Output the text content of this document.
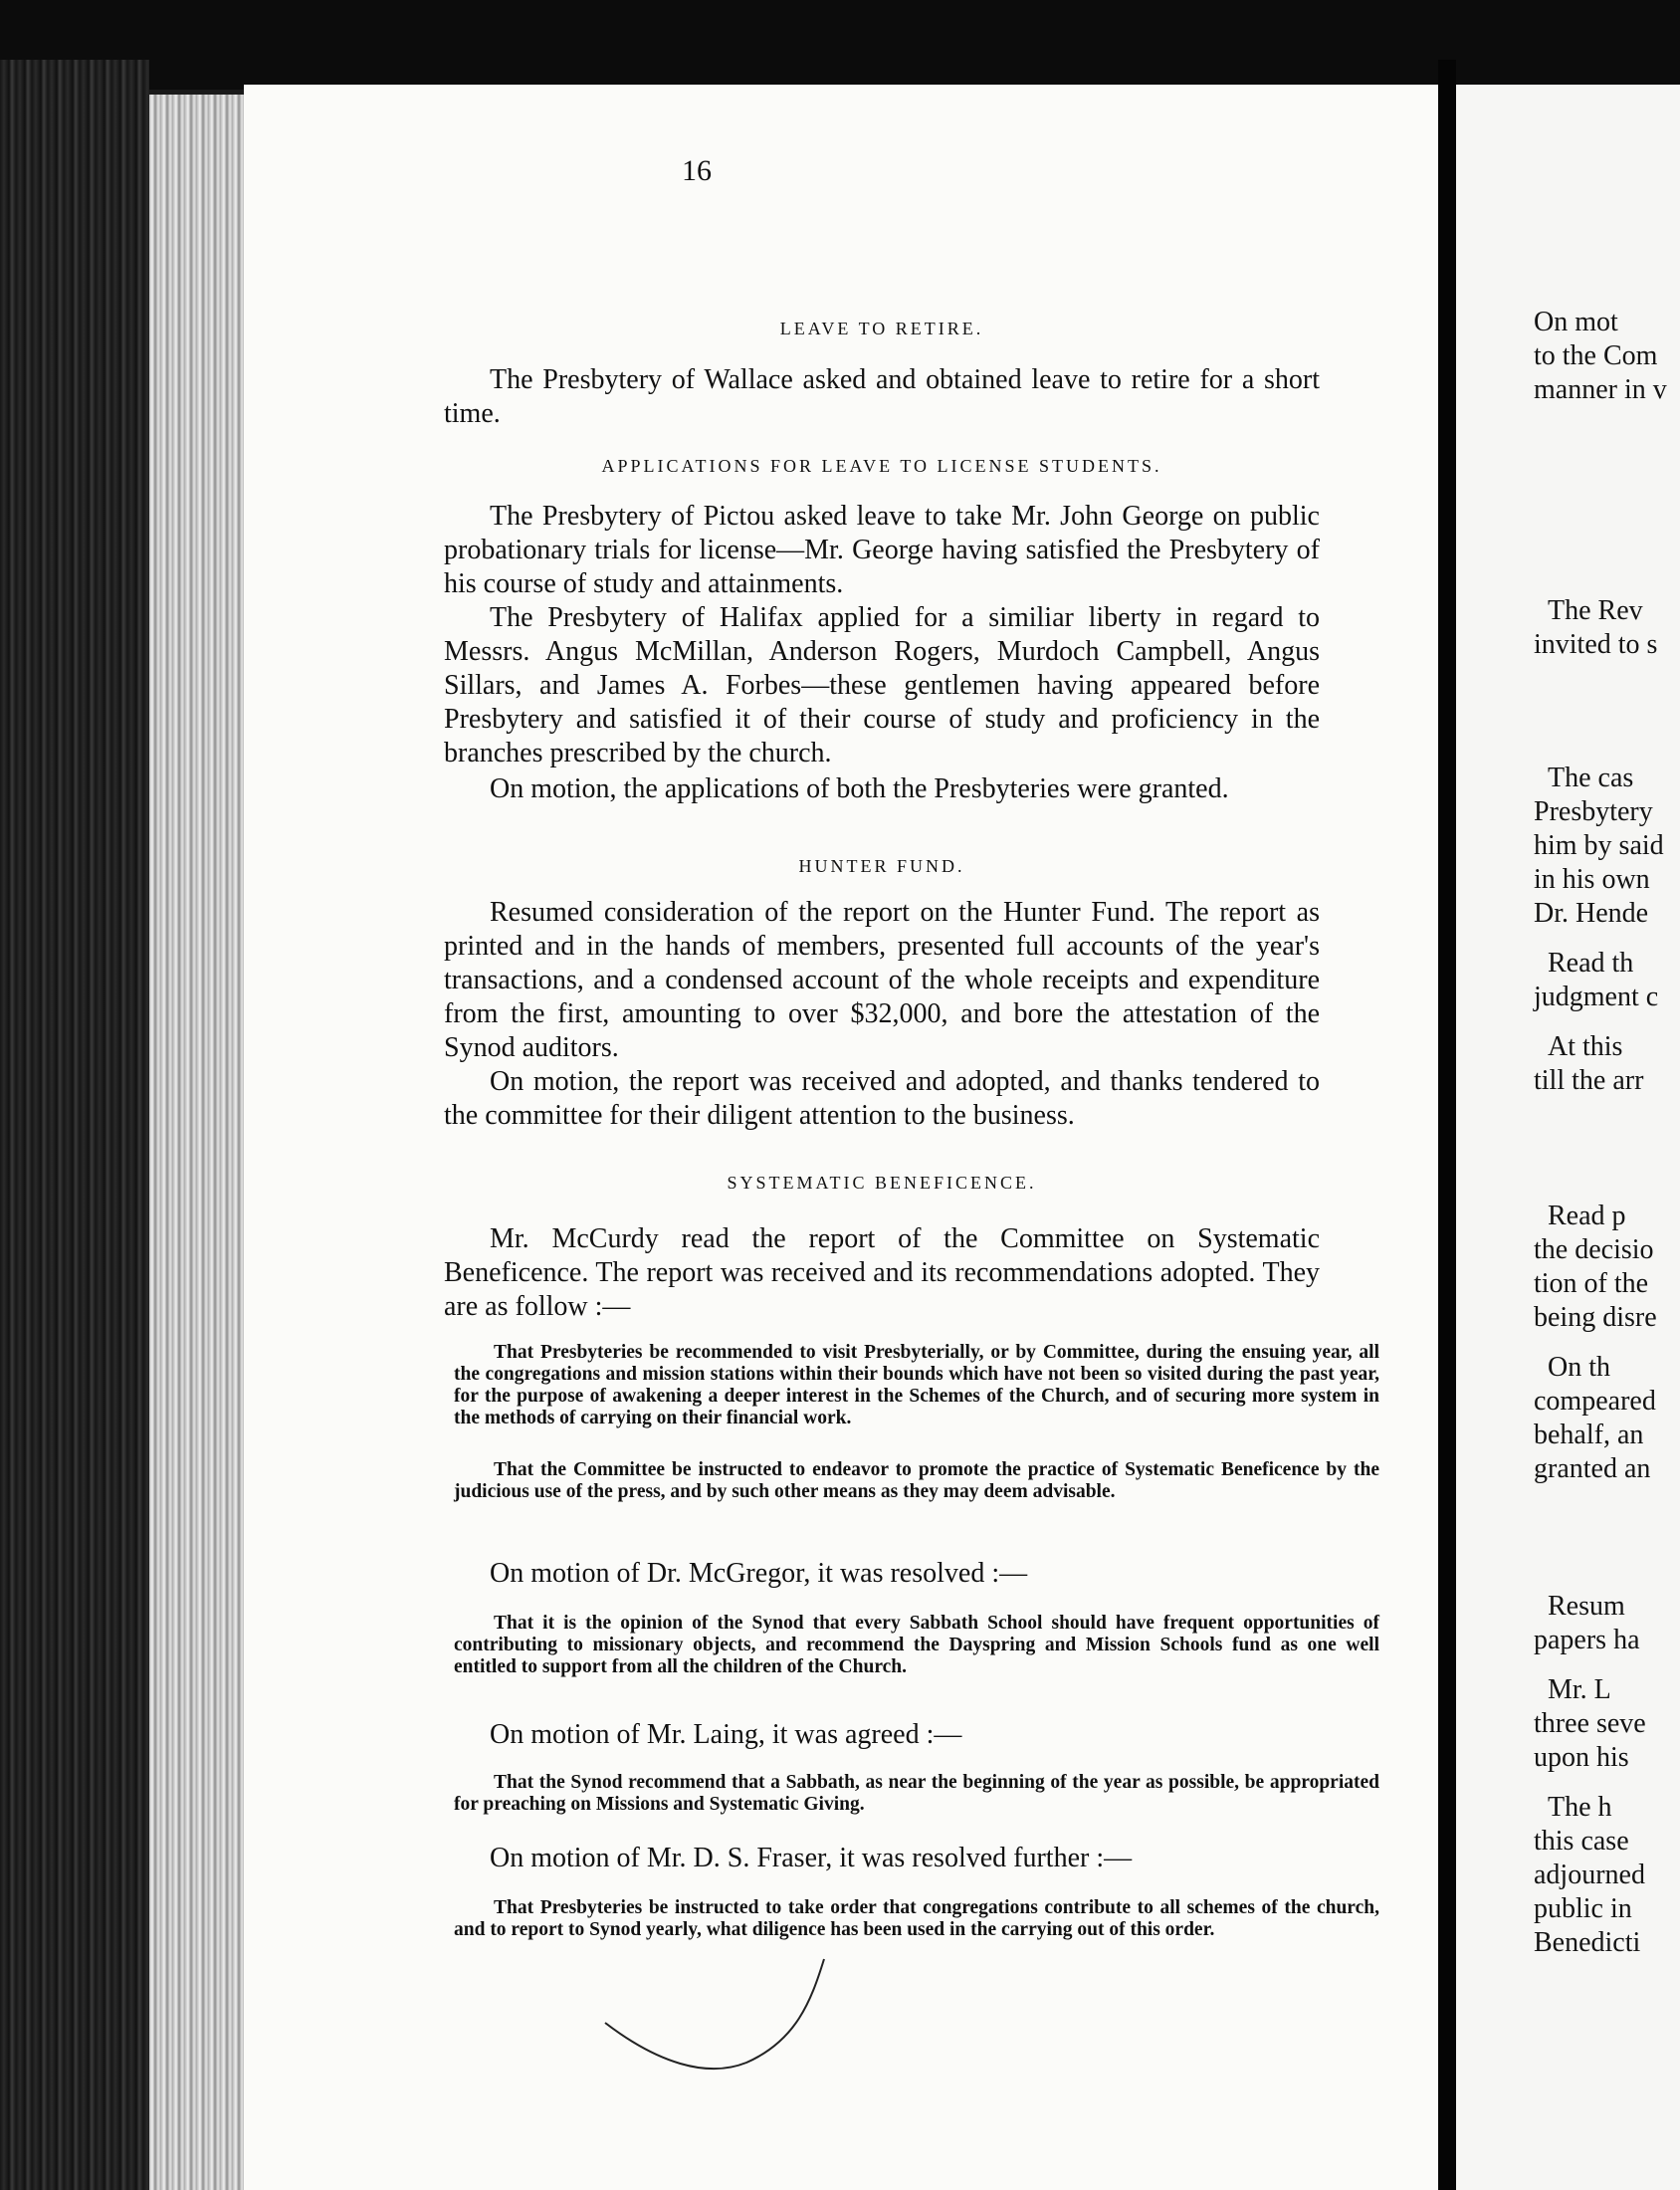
16
LEAVE TO RETIRE.

The Presbytery of Wallace asked and obtained leave to retire for a short time.

APPLICATIONS FOR LEAVE TO LICENSE STUDENTS.

The Presbytery of Pictou asked leave to take Mr. John George on public probationary trials for license—Mr. George having satisfied the Presbytery of his course of study and attainments.

The Presbytery of Halifax applied for a similiar liberty in regard to Messrs. Angus McMillan, Anderson Rogers, Murdoch Campbell, Angus Sillars, and James A. Forbes—these gentlemen having appeared before Presbytery and satisfied it of their course of study and proficiency in the branches prescribed by the church.

On motion, the applications of both the Presbyteries were granted.

HUNTER FUND.

Resumed consideration of the report on the Hunter Fund. The report as printed and in the hands of members, presented full accounts of the year's transactions, and a condensed account of the whole receipts and expenditure from the first, amounting to over $32,000, and bore the attestation of the Synod auditors.

On motion, the report was received and adopted, and thanks tendered to the committee for their diligent attention to the business.

SYSTEMATIC BENEFICENCE.

Mr. McCurdy read the report of the Committee on Systematic Beneficence. The report was received and its recommendations adopted. They are as follow :—

That Presbyteries be recommended to visit Presbyterially, or by Committee, during the ensuing year, all the congregations and mission stations within their bounds which have not been so visited during the past year, for the purpose of awakening a deeper interest in the Schemes of the Church, and of securing more system in the methods of carrying on their financial work.

That the Committee be instructed to endeavor to promote the practice of Systematic Beneficence by the judicious use of the press, and by such other means as they may deem advisable.

On motion of Dr. McGregor, it was resolved :—

That it is the opinion of the Synod that every Sabbath School should have frequent opportunities of contributing to missionary objects, and recommend the Dayspring and Mission Schools fund as one well entitled to support from all the children of the Church.

On motion of Mr. Laing, it was agreed :—

That the Synod recommend that a Sabbath, as near the beginning of the year as possible, be appropriated for preaching on Missions and Systematic Giving.

On motion of Mr. D. S. Fraser, it was resolved further :—

That Presbyteries be instructed to take order that congregations contribute to all schemes of the church, and to report to Synod yearly, what diligence has been used in the carrying out of this order.

On mot
to the Com
manner in v
The Rev
invited to s
The cas
Presbytery
him by said
in his own
Dr. Hende
Read th
judgment c
At this
till the arr
Read p
the decisio
tion of the
being disre
On th
compeared
behalf, an
granted an
Resum
papers ha
Mr. L
three seve
upon his
The h
this case
adjourned
public in
Benedicti
